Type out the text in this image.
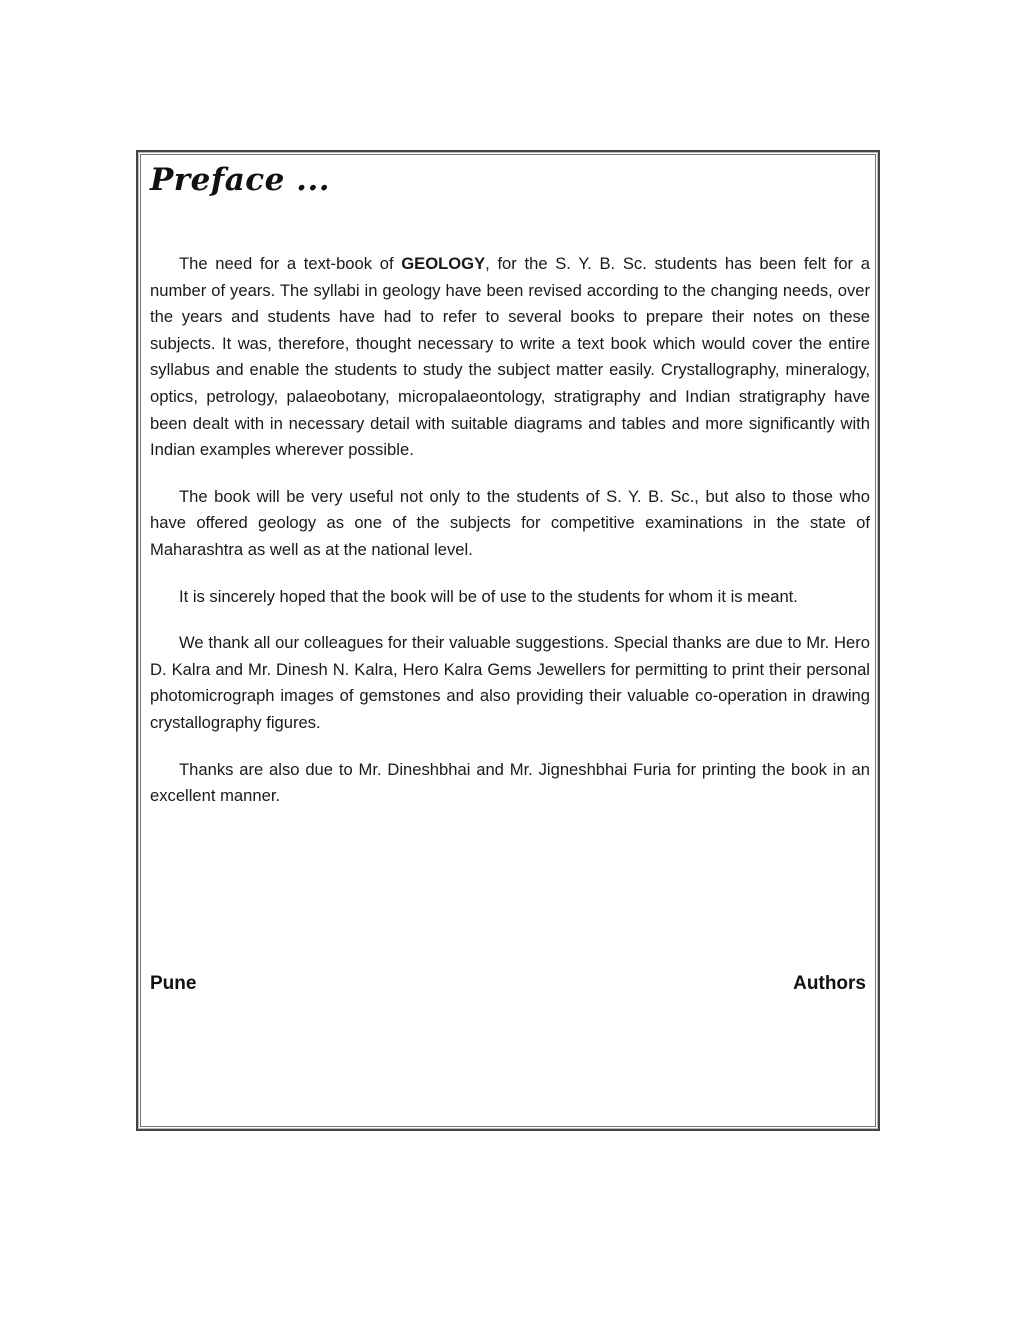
Preface ...

The need for a text-book of GEOLOGY, for the S. Y. B. Sc. students has been felt for a number of years. The syllabi in geology have been revised according to the changing needs, over the years and students have had to refer to several books to prepare their notes on these subjects. It was, therefore, thought necessary to write a text book which would cover the entire syllabus and enable the students to study the subject matter easily. Crystallography, mineralogy, optics, petrology, palaeobotany, micropalaeontology, stratigraphy and Indian stratigraphy have been dealt with in necessary detail with suitable diagrams and tables and more significantly with Indian examples wherever possible.

The book will be very useful not only to the students of S. Y. B. Sc., but also to those who have offered geology as one of the subjects for competitive examinations in the state of Maharashtra as well as at the national level.

It is sincerely hoped that the book will be of use to the students for whom it is meant.

We thank all our colleagues for their valuable suggestions. Special thanks are due to Mr. Hero D. Kalra and Mr. Dinesh N. Kalra, Hero Kalra Gems Jewellers for permitting to print their personal photomicrograph images of gemstones and also providing their valuable co-operation in drawing crystallography figures.

Thanks are also due to Mr. Dineshbhai and Mr. Jigneshbhai Furia for printing the book in an excellent manner.

Pune	Authors
